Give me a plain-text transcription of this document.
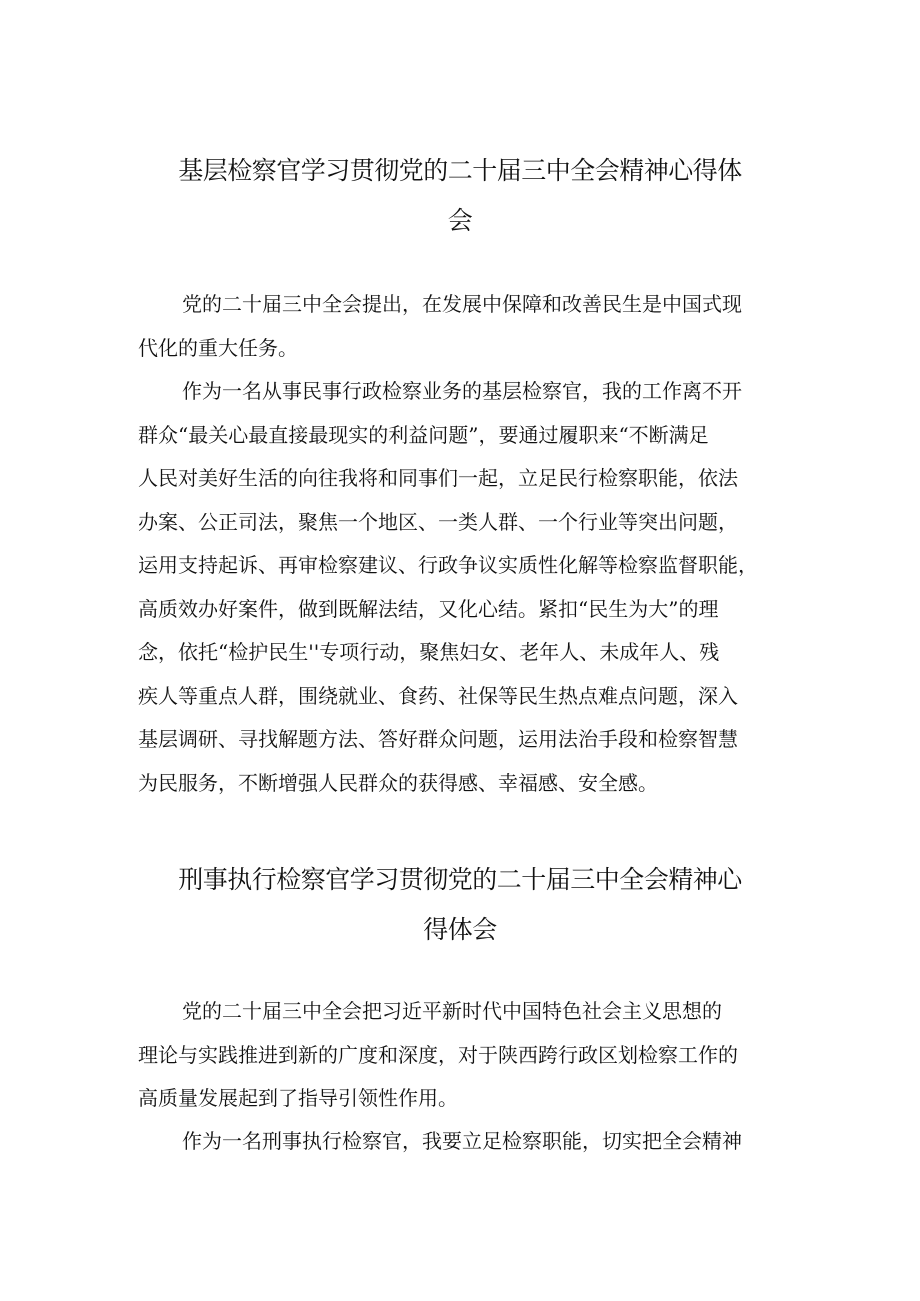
基层检察官学习贯彻党的二十届三中全会精神心得体
会
党的二十届三中全会提出，在发展中保障和改善民生是中国式现
代化的重大任务。
作为一名从事民事行政检察业务的基层检察官，我的工作离不开
群众“最关心最直接最现实的利益问题”，要通过履职来“不断满足
人民对美好生活的向往我将和同事们一起，立足民行检察职能，依法
办案、公正司法，聚焦一个地区、一类人群、一个行业等突出问题，
运用支持起诉、再审检察建议、行政争议实质性化解等检察监督职能，
高质效办好案件，做到既解法结，又化心结。紧扣“民生为大”的理
念，依托“检护民生''专项行动，聚焦妇女、老年人、未成年人、残
疾人等重点人群，围绕就业、食药、社保等民生热点难点问题，深入
基层调研、寻找解题方法、答好群众问题，运用法治手段和检察智慧
为民服务，不断增强人民群众的获得感、幸福感、安全感。
刑事执行检察官学习贯彻党的二十届三中全会精神心
得体会
党的二十届三中全会把习近平新时代中国特色社会主义思想的
理论与实践推进到新的广度和深度，对于陕西跨行政区划检察工作的
高质量发展起到了指导引领性作用。
作为一名刑事执行检察官，我要立足检察职能，切实把全会精神
